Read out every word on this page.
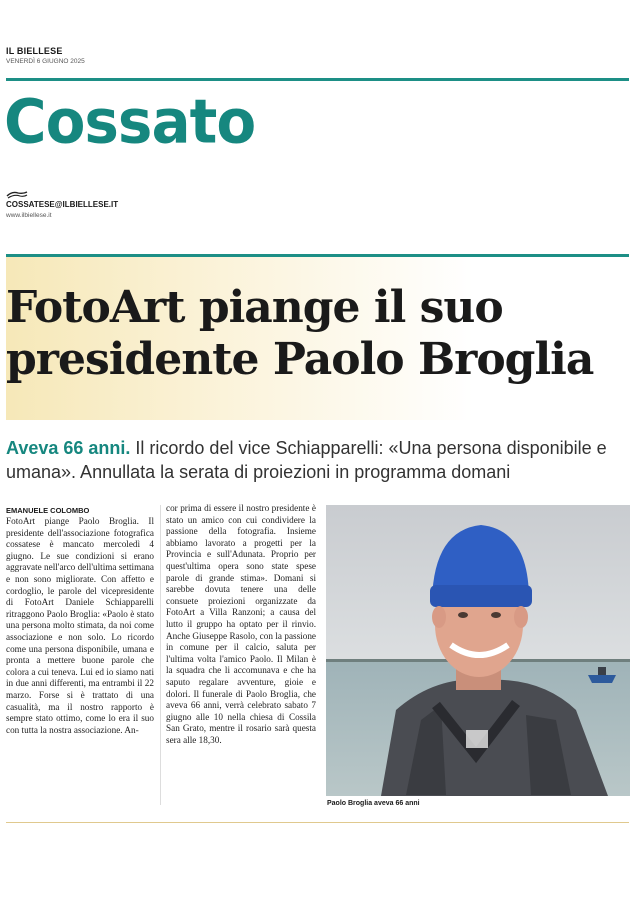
IL BIELLESE
VENERDÌ 6 GIUGNO 2025
Cossato
COSSATESE@ILBIELLESE.IT
www.ilbiellese.it
FotoArt piange il suo presidente Paolo Broglia
Aveva 66 anni. Il ricordo del vice Schiapparelli: «Una persona disponibile e umana». Annullata la serata di proiezioni in programma domani
EMANUELE COLOMBO
FotoArt piange Paolo Broglia. Il presidente dell'associazione fotografica cossatese è mancato mercoledì 4 giugno. Le sue condizioni si erano aggravate nell'arco dell'ultima settimana e non sono migliorate. Con affetto e cordoglio, le parole del vicepresidente di FotoArt Daniele Schiapparelli ritraggono Paolo Broglia: «Paolo è stato una persona molto stimata, da noi come associazione e non solo. Lo ricordo come una persona disponibile, umana e pronta a mettere buone parole che colora a cui teneva. Lui ed io siamo nati in due anni differenti, ma entrambi il 22 marzo. Forse si è trattato di una casualità, ma il nostro rapporto è sempre stato ottimo, come lo era il suo con tutta la nostra associazione. An-
cor prima di essere il nostro presidente è stato un amico con cui condividere la passione della fotografia. Insieme abbiamo lavorato a progetti per la Provincia e sull'Adunata. Proprio per quest'ultima opera sono state spese parole di grande stima». Domani si sarebbe dovuta tenere una delle consuete proiezioni organizzate da FotoArt a Villa Ranzoni; a causa del lutto il gruppo ha optato per il rinvio. Anche Giuseppe Rasolo, con la passione in comune per il calcio, saluta per l'ultima volta l'amico Paolo. Il Milan è la squadra che li accomunava e che ha saputo regalare avventure, gioie e dolori. Il funerale di Paolo Broglia, che aveva 66 anni, verrà celebrato sabato 7 giugno alle 10 nella chiesa di Cossila San Grato, mentre il rosario sarà questa sera alle 18,30.
Paolo Broglia aveva 66 anni
